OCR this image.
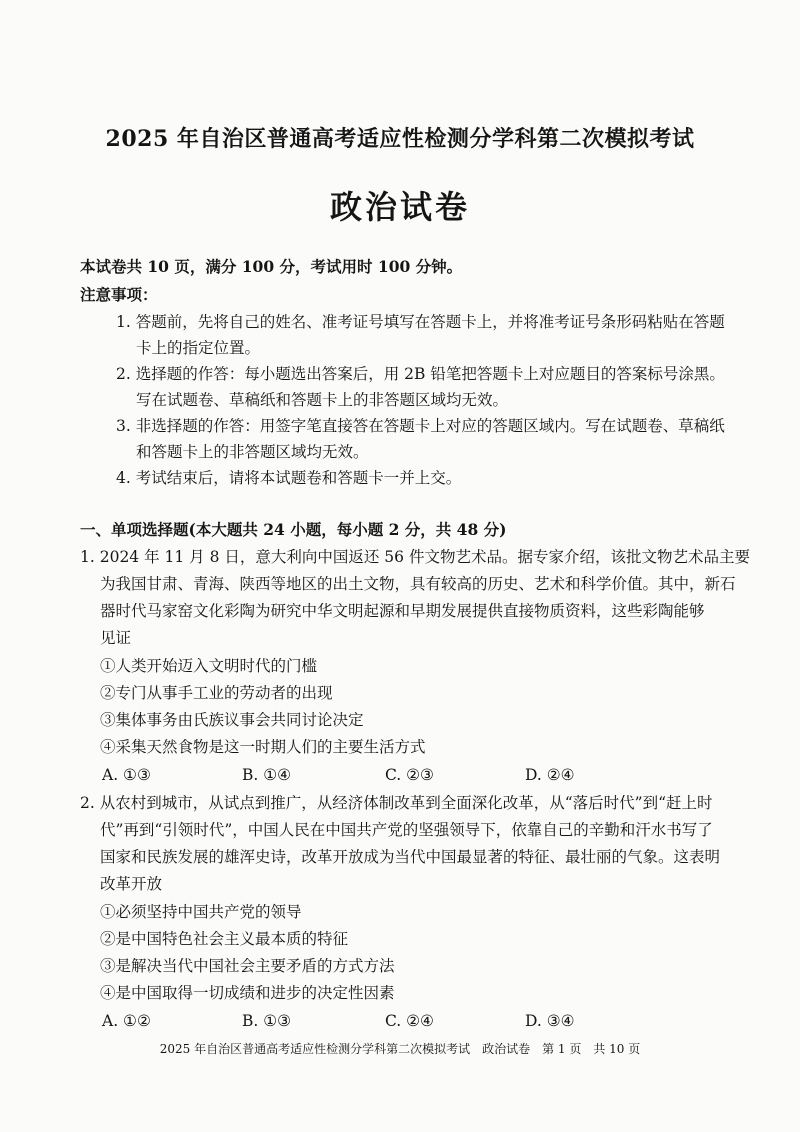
2025 年自治区普通高考适应性检测分学科第二次模拟考试
政治试卷
本试卷共 10 页，满分 100 分，考试用时 100 分钟。
注意事项：
1. 答题前，先将自己的姓名、准考证号填写在答题卡上，并将准考证号条形码粘贴在答题
卡上的指定位置。
2. 选择题的作答：每小题选出答案后，用 2B 铅笔把答题卡上对应题目的答案标号涂黑。
写在试题卷、草稿纸和答题卡上的非答题区域均无效。
3. 非选择题的作答：用签字笔直接答在答题卡上对应的答题区域内。写在试题卷、草稿纸
和答题卡上的非答题区域均无效。
4. 考试结束后，请将本试题卷和答题卡一并上交。
一、单项选择题(本大题共 24 小题，每小题 2 分，共 48 分)
1. 2024 年 11 月 8 日，意大利向中国返还 56 件文物艺术品。据专家介绍，该批文物艺术品主要
为我国甘肃、青海、陕西等地区的出土文物，具有较高的历史、艺术和科学价值。其中，新石
器时代马家窑文化彩陶为研究中华文明起源和早期发展提供直接物质资料，这些彩陶能够
见证
①人类开始迈入文明时代的门槛
②专门从事手工业的劳动者的出现
③集体事务由氏族议事会共同讨论决定
④采集天然食物是这一时期人们的主要生活方式
A. ①③	B. ①④	C. ②③	D. ②④
2. 从农村到城市，从试点到推广，从经济体制改革到全面深化改革，从“落后时代”到“赶上时
代”再到“引领时代”，中国人民在中国共产党的坚强领导下，依靠自己的辛勤和汗水书写了
国家和民族发展的雄浑史诗，改革开放成为当代中国最显著的特征、最壮丽的气象。这表明
改革开放
①必须坚持中国共产党的领导
②是中国特色社会主义最本质的特征
③是解决当代中国社会主要矛盾的方式方法
④是中国取得一切成绩和进步的决定性因素
A. ①②	B. ①③	C. ②④	D. ③④
2025 年自治区普通高考适应性检测分学科第二次模拟考试　政治试卷　第 1 页　共 10 页
